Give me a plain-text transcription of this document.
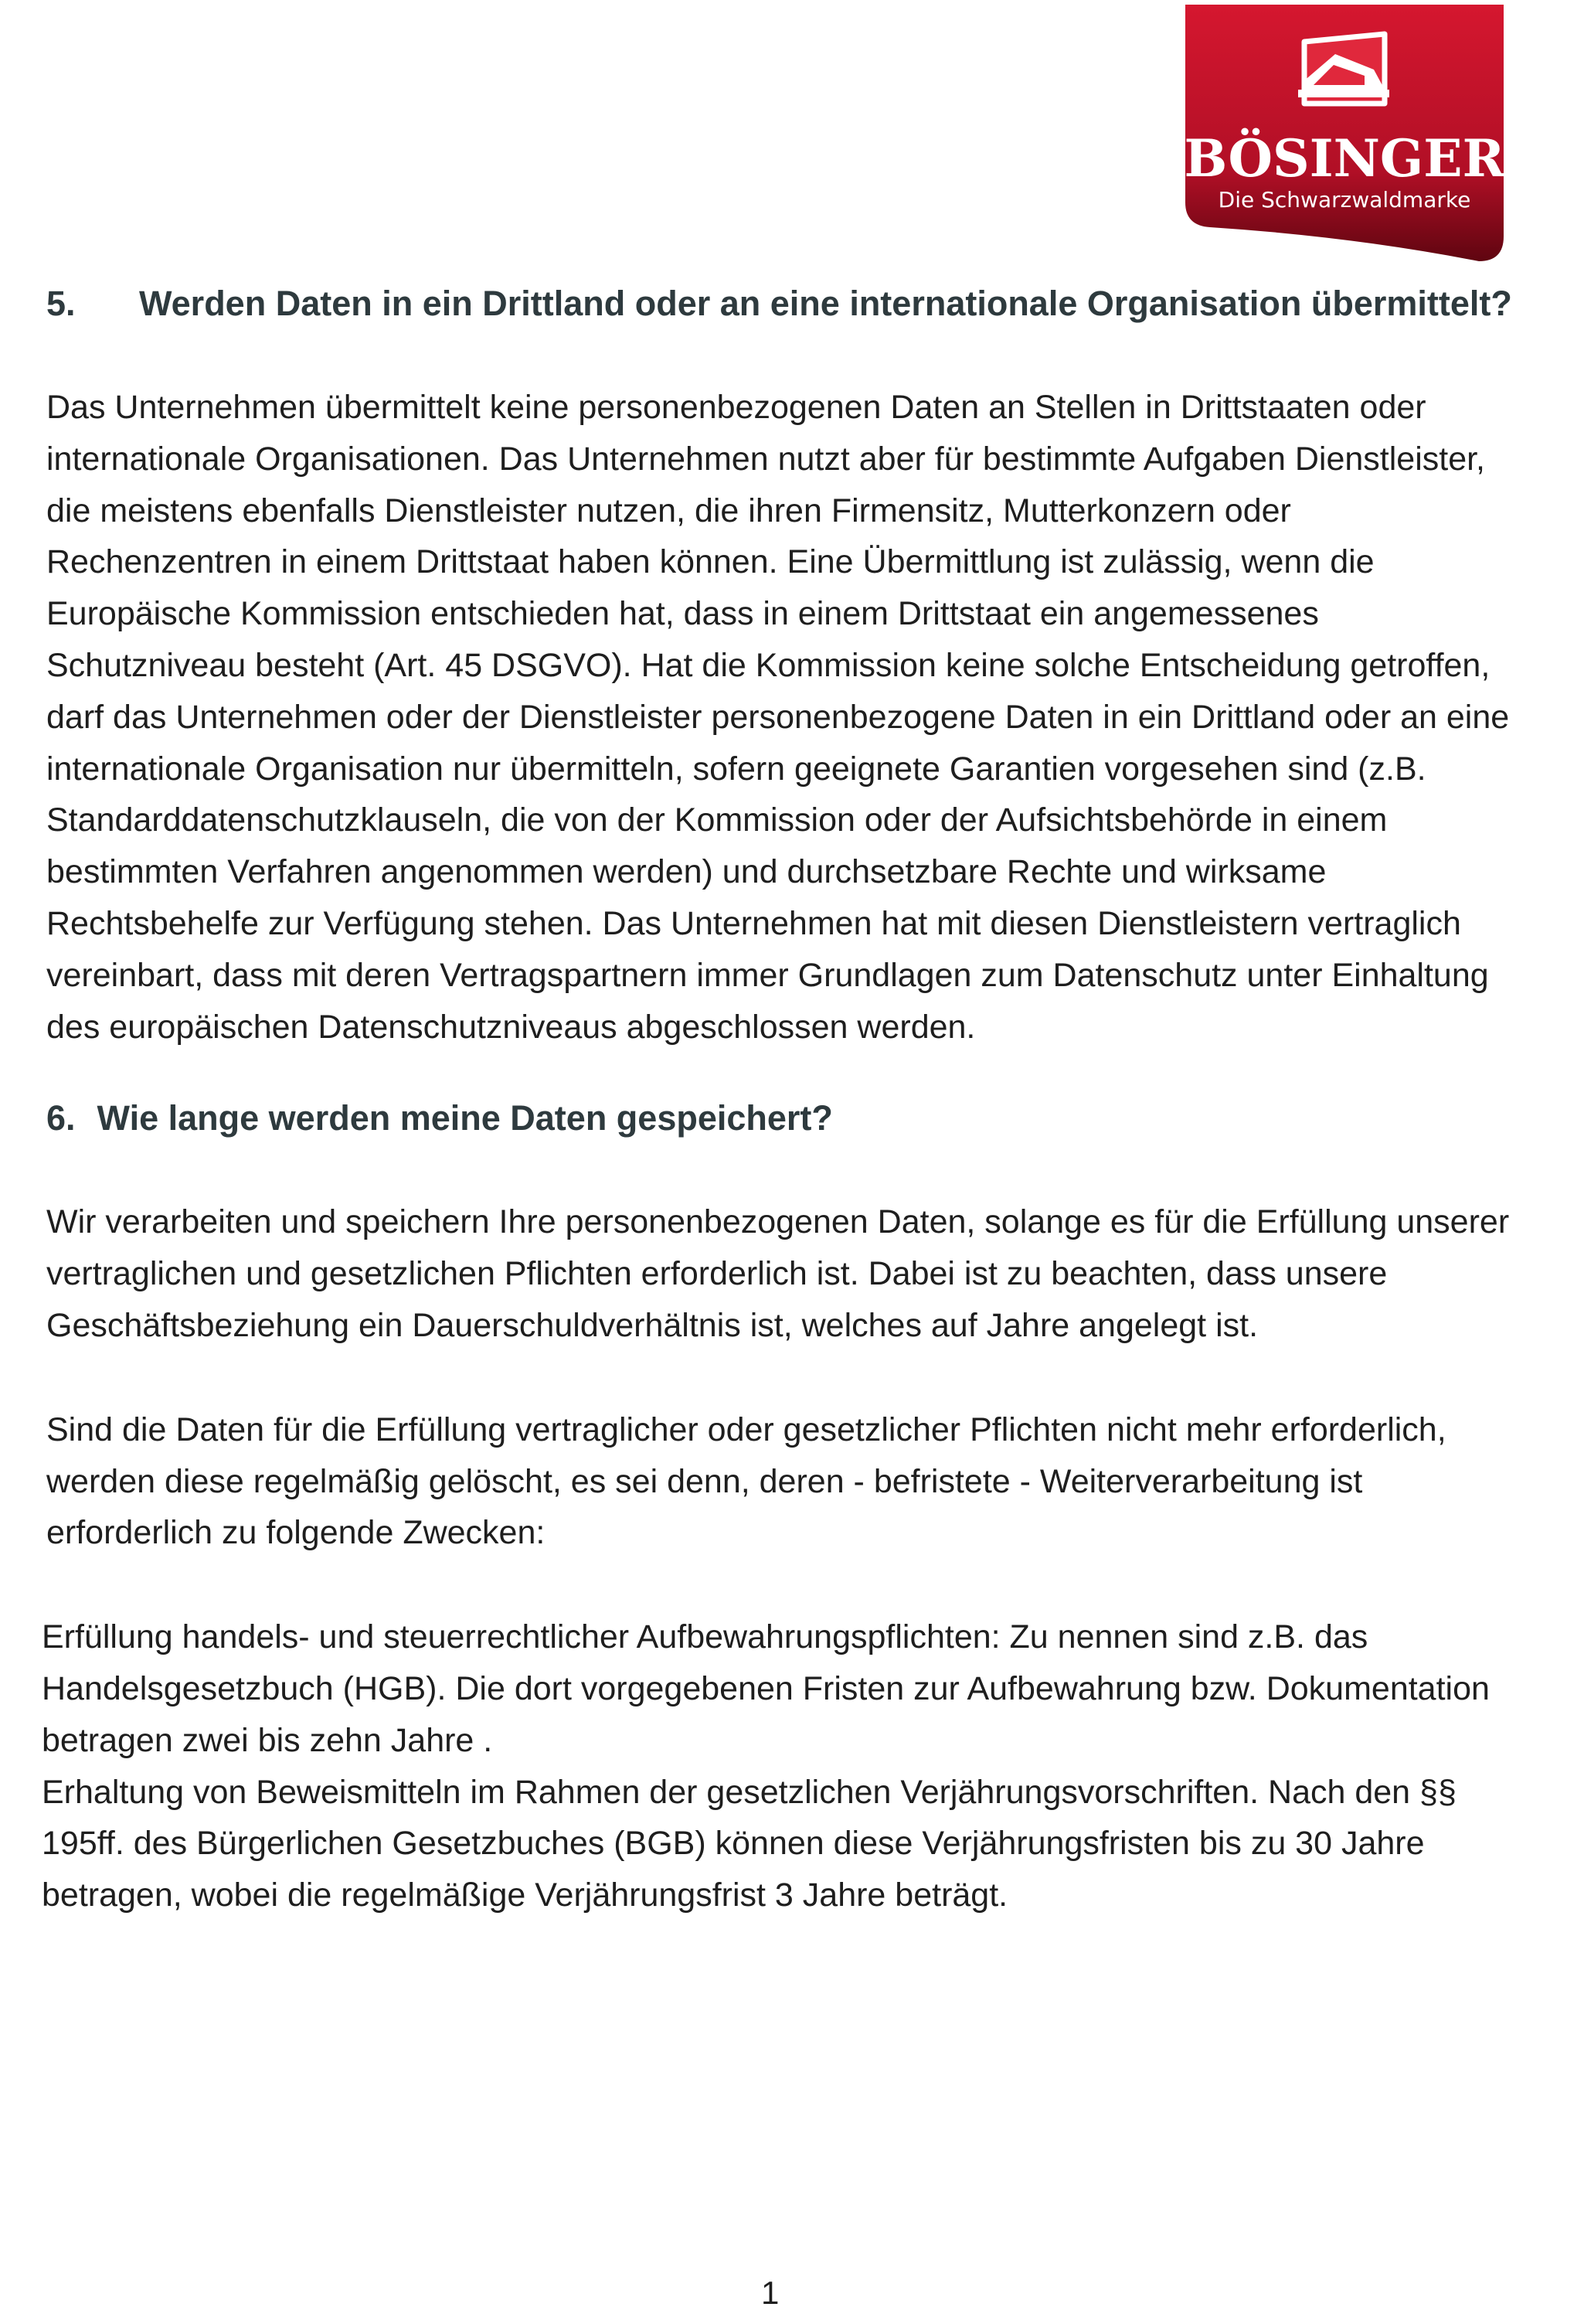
BÖSINGER
Die Schwarzwaldmarke
5. Werden Daten in ein Drittland oder an eine internationale Organisation übermittelt?

Das Unternehmen übermittelt keine personenbezogenen Daten an Stellen in Drittstaaten oder internationale Organisationen. Das Unternehmen nutzt aber für bestimmte Aufgaben Dienstleister, die meistens ebenfalls Dienstleister nutzen, die ihren Firmensitz, Mutterkonzern oder Rechenzentren in einem Drittstaat haben können. Eine Übermittlung ist zulässig, wenn die Europäische Kommission entschieden hat, dass in einem Drittstaat ein angemessenes Schutzniveau besteht (Art. 45 DSGVO). Hat die Kommission keine solche Entscheidung getroffen, darf das Unternehmen oder der Dienstleister personenbezogene Daten in ein Drittland oder an eine internationale Organisation nur übermitteln, sofern geeignete Garantien vorgesehen sind (z.B. Standarddatenschutzklauseln, die von der Kommission oder der Aufsichtsbehörde in einem bestimmten Verfahren angenommen werden) und durchsetzbare Rechte und wirksame Rechtsbehelfe zur Verfügung stehen. Das Unternehmen hat mit diesen Dienstleistern vertraglich vereinbart, dass mit deren Vertragspartnern immer Grundlagen zum Datenschutz unter Einhaltung des europäischen Datenschutzniveaus abgeschlossen werden.

6. Wie lange werden meine Daten gespeichert?

Wir verarbeiten und speichern Ihre personenbezogenen Daten, solange es für die Erfüllung unserer vertraglichen und gesetzlichen Pflichten erforderlich ist. Dabei ist zu beachten, dass unsere Geschäftsbeziehung ein Dauerschuldverhältnis ist, welches auf Jahre angelegt ist.

Sind die Daten für die Erfüllung vertraglicher oder gesetzlicher Pflichten nicht mehr erforderlich, werden diese regelmäßig gelöscht, es sei denn, deren - befristete - Weiterverarbeitung ist erforderlich zu folgende Zwecken:

Erfüllung handels- und steuerrechtlicher Aufbewahrungspflichten: Zu nennen sind z.B. das Handelsgesetzbuch (HGB). Die dort vorgegebenen Fristen zur Aufbewahrung bzw. Dokumentation betragen zwei bis zehn Jahre .

Erhaltung von Beweismitteln im Rahmen der gesetzlichen Verjährungsvorschriften. Nach den §§ 195ff. des Bürgerlichen Gesetzbuches (BGB) können diese Verjährungsfristen bis zu 30 Jahre betragen, wobei die regelmäßige Verjährungsfrist 3 Jahre beträgt.

1
